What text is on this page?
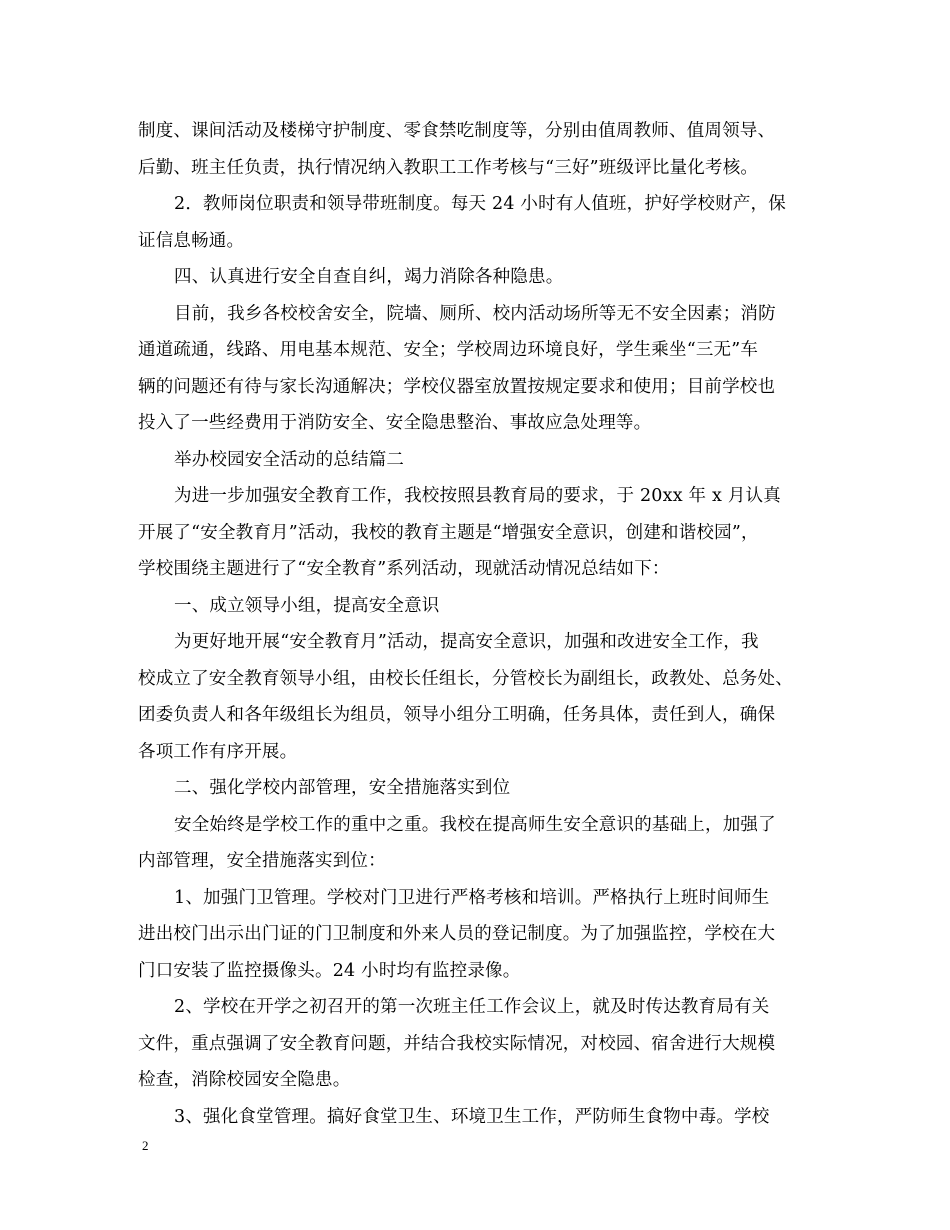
制度、课间活动及楼梯守护制度、零食禁吃制度等，分别由值周教师、值周领导、
后勤、班主任负责，执行情况纳入教职工工作考核与“三好”班级评比量化考核。
2．教师岗位职责和领导带班制度。每天 24 小时有人值班，护好学校财产，保
证信息畅通。
四、认真进行安全自查自纠，竭力消除各种隐患。
目前，我乡各校校舍安全，院墙、厕所、校内活动场所等无不安全因素；消防
通道疏通，线路、用电基本规范、安全；学校周边环境良好，学生乘坐“三无”车
辆的问题还有待与家长沟通解决；学校仪器室放置按规定要求和使用；目前学校也
投入了一些经费用于消防安全、安全隐患整治、事故应急处理等。
举办校园安全活动的总结篇二
为进一步加强安全教育工作，我校按照县教育局的要求，于 20xx 年 x 月认真
开展了“安全教育月”活动，我校的教育主题是“增强安全意识，创建和谐校园”，
学校围绕主题进行了“安全教育”系列活动，现就活动情况总结如下：
一、成立领导小组，提高安全意识
为更好地开展“安全教育月”活动，提高安全意识，加强和改进安全工作，我
校成立了安全教育领导小组，由校长任组长，分管校长为副组长，政教处、总务处、
团委负责人和各年级组长为组员，领导小组分工明确，任务具体，责任到人，确保
各项工作有序开展。
二、强化学校内部管理，安全措施落实到位
安全始终是学校工作的重中之重。我校在提高师生安全意识的基础上，加强了
内部管理，安全措施落实到位：
1、加强门卫管理。学校对门卫进行严格考核和培训。严格执行上班时间师生
进出校门出示出门证的门卫制度和外来人员的登记制度。为了加强监控，学校在大
门口安装了监控摄像头。24 小时均有监控录像。
2、学校在开学之初召开的第一次班主任工作会议上，就及时传达教育局有关
文件，重点强调了安全教育问题，并结合我校实际情况，对校园、宿舍进行大规模
检查，消除校园安全隐患。
3、强化食堂管理。搞好食堂卫生、环境卫生工作，严防师生食物中毒。学校
2
